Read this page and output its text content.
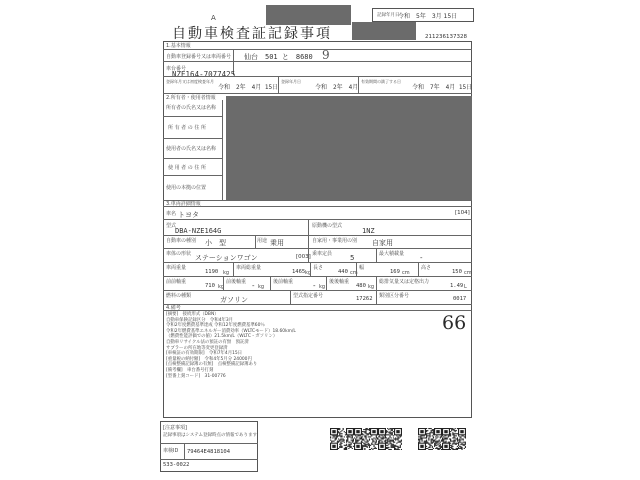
A	記録年月日
令和　5年　3月 15日
自動車検査証記録事項	211236137328
1.基本情報
自動車登録番号又は車両番号 仙台　501 と　8680 9
車台番号
NZE164-7077425
登録年月又は初度検査年月
令和　2年　4月 15日
登録年月日
令和　2年　4月
有効期間の満了する日
令和　7年　4月 15日
2.所有者・使用者情報
所有者の氏名又は名称
所 有 者 の 住 所
使用者の氏名又は名称
使 用 者 の 住 所
使用の本拠の位置
3.車両詳細情報
車名 トヨタ	[104]
原動機の型式
1NZ
型式
DBA-NZE164G
自動車の種別 小　型	用途 乗用	自家用・事業用の別 自家用
車体の形状 ステーションワゴン	[003] 乗車定員	5	最大積載量 -
車両重量
1190 kg
車両総重量
1465 kg
長さ
440 cm
幅
169 cm
高さ
150 cm
前前軸重
710 kg
前後軸重 - kg
後前軸重	- kg
後後軸重
480 kg
総排気量又は定格出力
1.49 L
燃料の種類	ガソリン	型式指定番号	17262 類別区分番号	0017
4.備考
[摘要]　接続形式（DBN）
自動車保険記録区分　令和4年3月
令和2年度燃費基準達成 令和12年度燃費基準60％
令和2年燃費基準エネルギー消費効率（WLTCモード）18.60km/L
（燃費性能評価での値）21.5km/L（WLTC・ガソリン）
自動車リサイクル法の預託の有無　預託済
サブラーの所在地等変更登録済
[車検証の有効期限]　令和7年4月15日
[重量税の納付額]　令和4年5月分 24000円
[点検整備記録簿の有無]　点検整備記録簿あり
[備考欄]　車台番号打刻
[型番上刻コード]　31-00776
66
[注意事項]
記録事項はシステム登録時点の情報であります
車検ID 79464E4818104
533-0022
